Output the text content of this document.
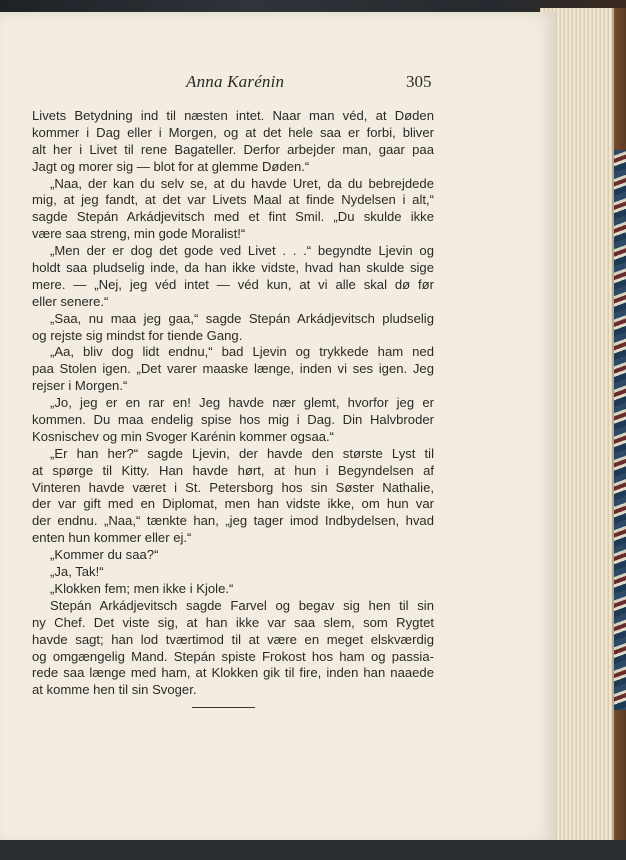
Anna Karénin	305
Livets Betydning ind til næsten intet. Naar man véd, at Døden
kommer i Dag eller i Morgen, og at det hele saa er forbi, bliver
alt her i Livet til rene Bagateller. Derfor arbejder man, gaar paa
Jagt og morer sig — blot for at glemme Døden.“
„Naa, der kan du selv se, at du havde Uret, da du bebrejdede
mig, at jeg fandt, at det var Livets Maal at finde Nydelsen i alt,“
sagde Stepán Arkádjevitsch med et fint Smil. „Du skulde ikke
være saa streng, min gode Moralist!“
„Men der er dog det gode ved Livet . . .“ begyndte Ljevin og
holdt saa pludselig inde, da han ikke vidste, hvad han skulde sige
mere. — „Nej, jeg véd intet — véd kun, at vi alle skal dø før
eller senere.“
„Saa, nu maa jeg gaa,“ sagde Stepán Arkádjevitsch pludselig
og rejste sig mindst for tiende Gang.
„Aa, bliv dog lidt endnu,“ bad Ljevin og trykkede ham ned
paa Stolen igen. „Det varer maaske længe, inden vi ses igen. Jeg
rejser i Morgen.“
„Jo, jeg er en rar en! Jeg havde nær glemt, hvorfor jeg er
kommen. Du maa endelig spise hos mig i Dag. Din Halvbroder
Kosnischev og min Svoger Karénin kommer ogsaa.“
„Er han her?“ sagde Ljevin, der havde den største Lyst til
at spørge til Kitty. Han havde hørt, at hun i Begyndelsen af
Vinteren havde været i St. Petersborg hos sin Søster Nathalie,
der var gift med en Diplomat, men han vidste ikke, om hun var
der endnu. „Naa,“ tænkte han, „jeg tager imod Indbydelsen, hvad
enten hun kommer eller ej.“
„Kommer du saa?“
„Ja, Tak!“
„Klokken fem; men ikke i Kjole.“
Stepán Arkádjevitsch sagde Farvel og begav sig hen til sin
ny Chef. Det viste sig, at han ikke var saa slem, som Rygtet
havde sagt; han lod tværtimod til at være en meget elskværdig
og omgængelig Mand. Stepán spiste Frokost hos ham og passia-
rede saa længe med ham, at Klokken gik til fire, inden han naaede
at komme hen til sin Svoger.
